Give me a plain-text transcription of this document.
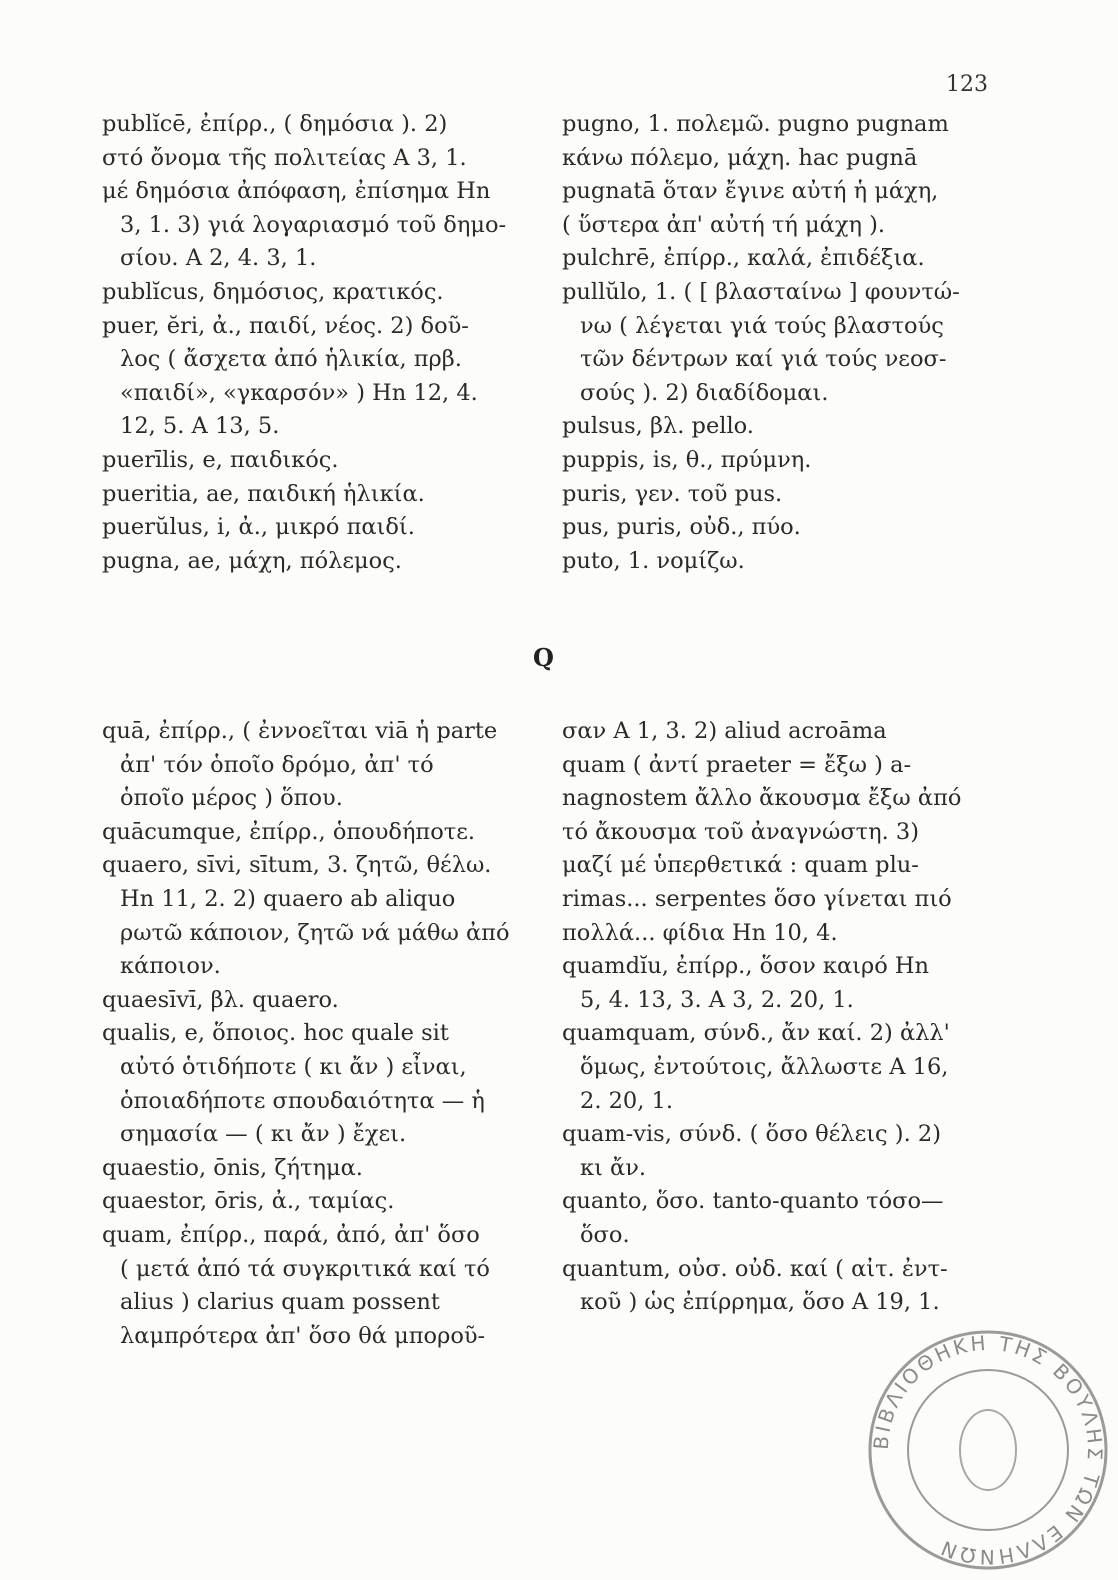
123
publĭcē, ἐπίρρ., ( δημόσια ). 2)
στό ὄνομα τῆς πολιτείας A 3, 1.
μέ δημόσια ἀπόφαση, ἐπίσημα Hn
3, 1. 3) γιά λογαριασμό τοῦ δημο-
σίου. A 2, 4. 3, 1.
publĭcus, δημόσιος, κρατικός.
puer, ĕri, ἀ., παιδί, νέος. 2) δοῦ-
λος ( ἄσχετα ἀπό ἡλικία, πρβ.
«παιδί», «γκαρσόν» ) Hn 12, 4.
12, 5. A 13, 5.
puerīlis, e, παιδικός.
pueritia, ae, παιδική ἡλικία.
puerŭlus, i, ἀ., μικρό παιδί.
pugna, ae, μάχη, πόλεμος.
pugno, 1. πολεμῶ. pugno pugnam
κάνω πόλεμο, μάχη. hac pugnā
pugnatā ὅταν ἔγινε αὐτή ἡ μάχη,
( ὕστερα ἀπ' αὐτή τή μάχη ).
pulchrē, ἐπίρρ., καλά, ἐπιδέξια.
pullŭlo, 1. ( [ βλασταίνω ] φουντώ-
νω ( λέγεται γιά τούς βλαστούς
τῶν δέντρων καί γιά τούς νεοσ-
σούς ). 2) διαδίδομαι.
pulsus, βλ. pello.
puppis, is, θ., πρύμνη.
puris, γεν. τοῦ pus.
pus, puris, οὐδ., πύο.
puto, 1. νομίζω.
Q
quā, ἐπίρρ., ( ἐννοεῖται viā ἡ parte
ἀπ' τόν ὁποῖο δρόμο, ἀπ' τό
ὁποῖο μέρος ) ὅπου.
quācumque, ἐπίρρ., ὁπουδήποτε.
quaero, sīvi, sītum, 3. ζητῶ, θέλω.
Hn 11, 2. 2) quaero ab aliquo
ρωτῶ κάποιον, ζητῶ νά μάθω ἀπό
κάποιον.
quaesīvī, βλ. quaero.
qualis, e, ὅποιος. hoc quale sit
αὐτό ὁτιδήποτε ( κι ἄν ) εἶναι,
ὁποιαδήποτε σπουδαιότητα — ἡ
σημασία — ( κι ἄν ) ἔχει.
quaestio, ōnis, ζήτημα.
quaestor, ōris, ἀ., ταμίας.
quam, ἐπίρρ., παρά, ἀπό, ἀπ' ὅσο
( μετά ἀπό τά συγκριτικά καί τό
alius ) clarius quam possent
λαμπρότερα ἀπ' ὅσο θά μποροῦ-
σαν A 1, 3. 2) aliud acroāma
quam ( ἀντί praeter = ἔξω ) a-
nagnostem ἄλλο ἄκουσμα ἔξω ἀπό
τό ἄκουσμα τοῦ ἀναγνώστη. 3)
μαζί μέ ὑπερθετικά : quam plu-
rimas... serpentes ὅσο γίνεται πιό
πολλά... φίδια Hn 10, 4.
quamdĭu, ἐπίρρ., ὅσον καιρό Hn
5, 4. 13, 3. A 3, 2. 20, 1.
quamquam, σύνδ., ἄν καί. 2) ἀλλ'
ὅμως, ἐντούτοις, ἄλλωστε A 16,
2. 20, 1.
quam-vis, σύνδ. ( ὅσο θέλεις ). 2)
κι ἄν.
quanto, ὅσο. tanto-quanto τόσο—
ὅσο.
quantum, οὐσ. οὐδ. καί ( αἰτ. ἐντ-
κοῦ ) ὡς ἐπίρρημα, ὅσο A 19, 1.
ΒΙΒΛΙΟΘΗΚΗ ΤΗΣ ΒΟΥΛΗΣ ΤΩΝ ΕΛΛΗΝΩΝ
